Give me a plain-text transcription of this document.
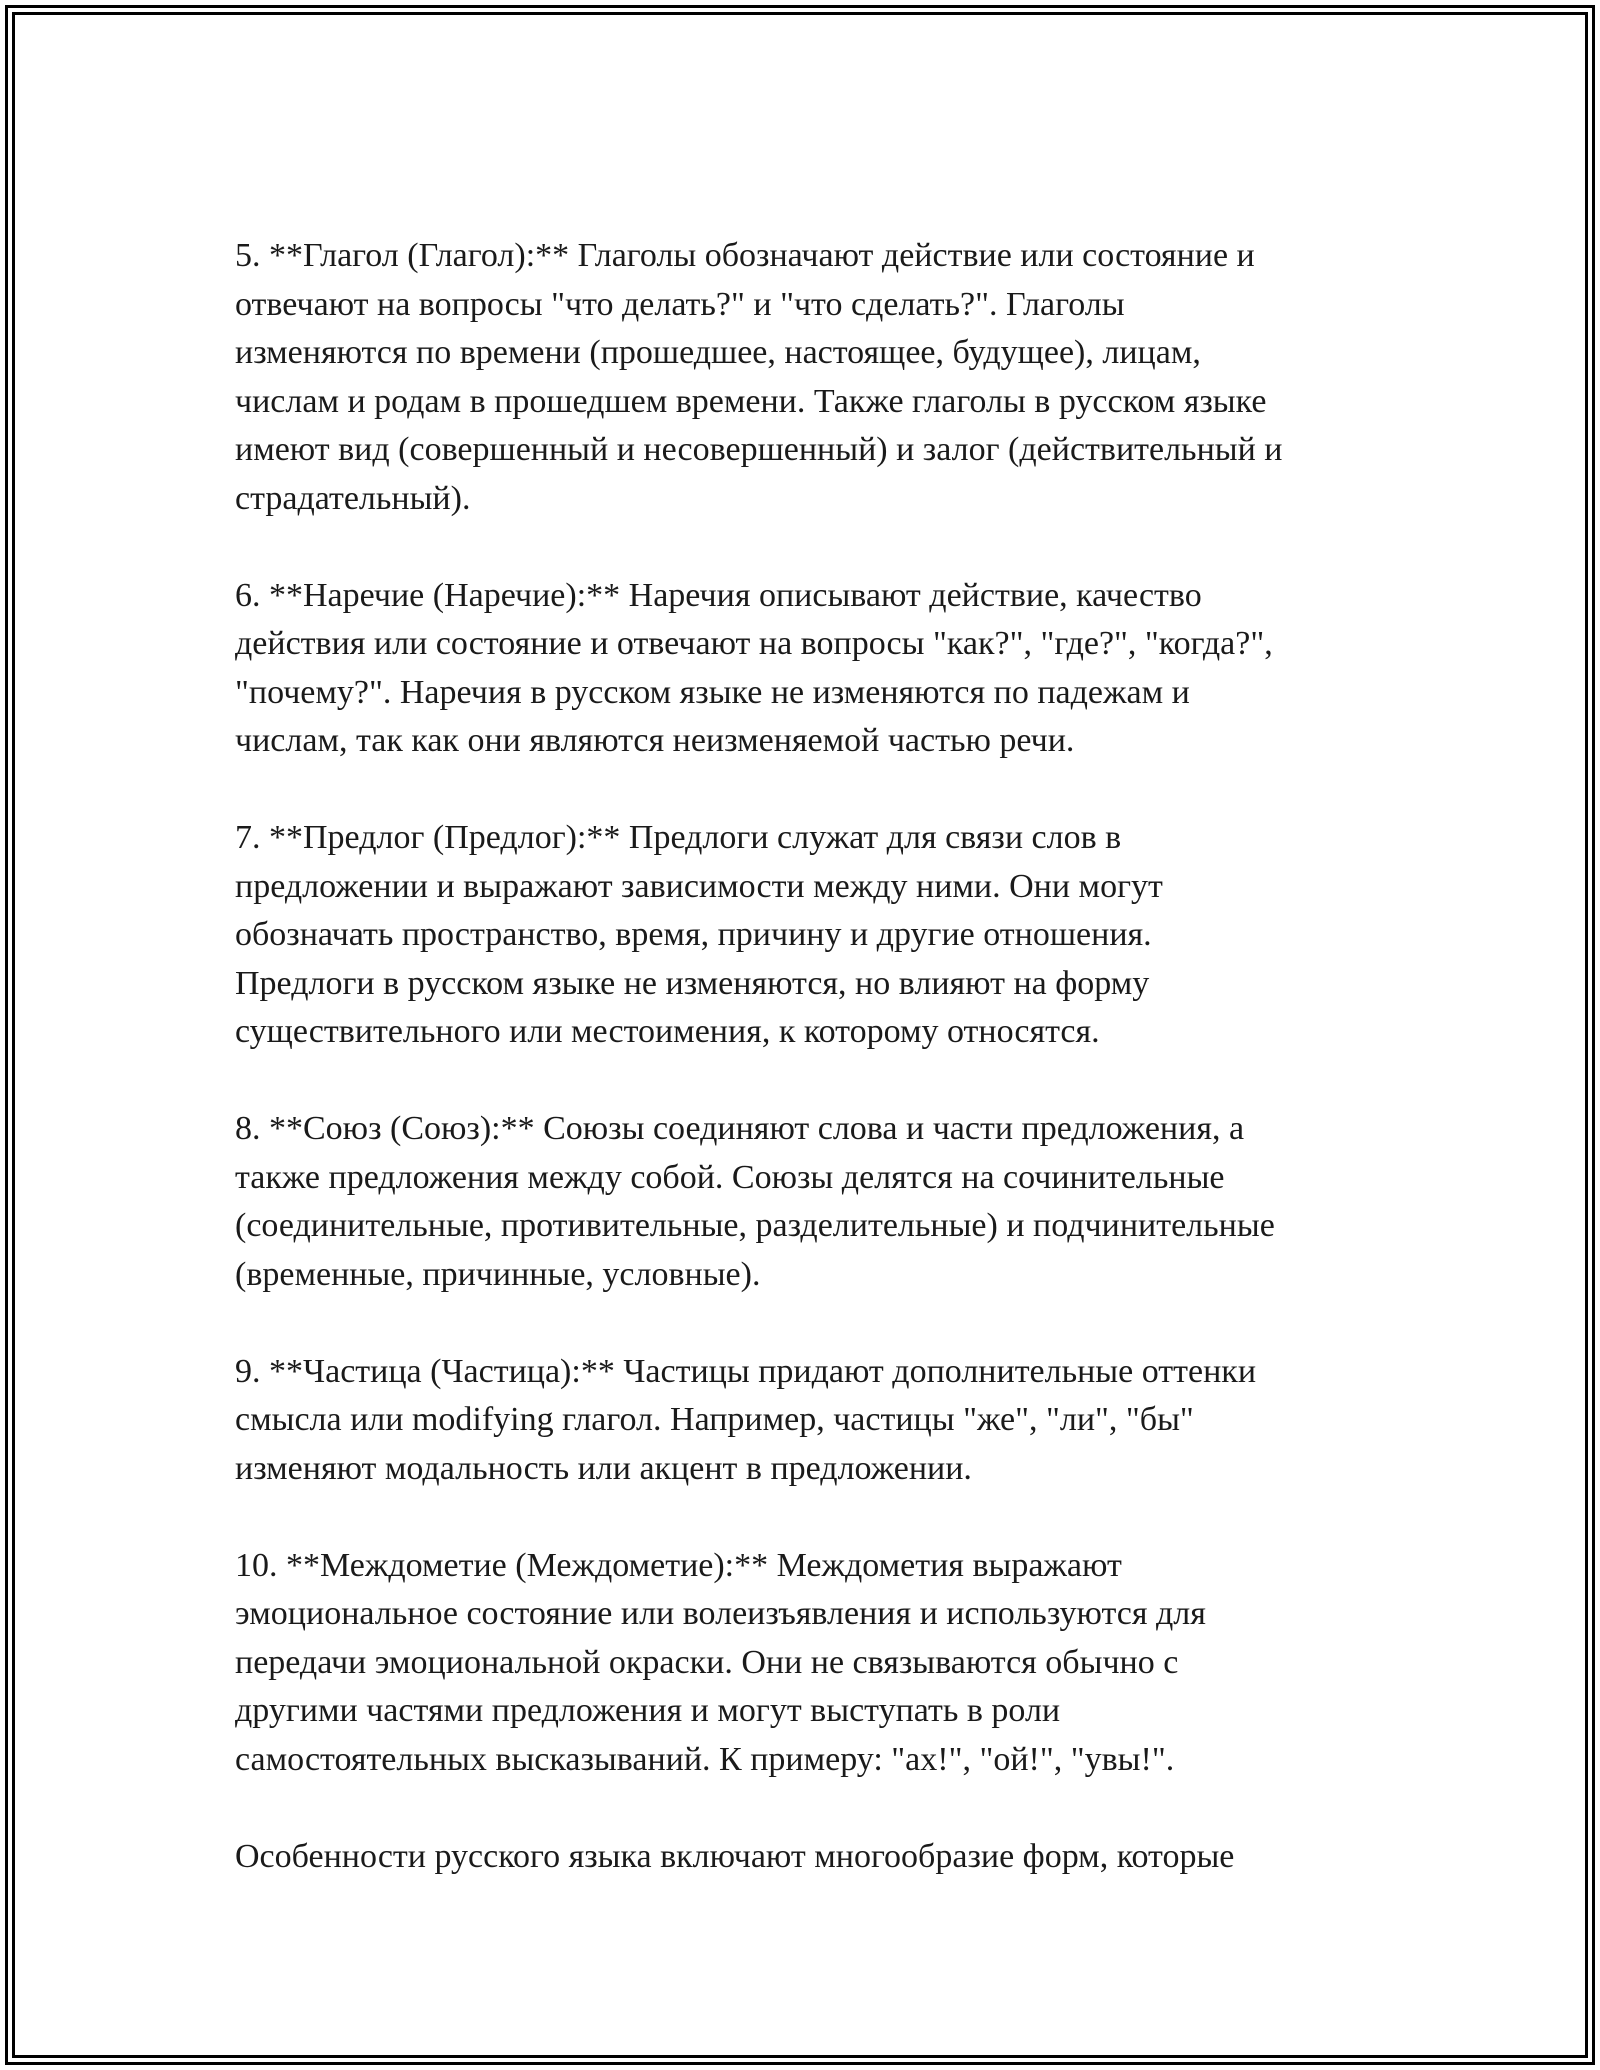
5. **Глагол (Глагол):** Глаголы обозначают действие или состояние и
отвечают на вопросы "что делать?" и "что сделать?". Глаголы
изменяются по времени (прошедшее, настоящее, будущее), лицам,
числам и родам в прошедшем времени. Также глаголы в русском языке
имеют вид (совершенный и несовершенный) и залог (действительный и
страдательный).

6. **Наречие (Наречие):** Наречия описывают действие, качество
действия или состояние и отвечают на вопросы "как?", "где?", "когда?",
"почему?". Наречия в русском языке не изменяются по падежам и
числам, так как они являются неизменяемой частью речи.

7. **Предлог (Предлог):** Предлоги служат для связи слов в
предложении и выражают зависимости между ними. Они могут
обозначать пространство, время, причину и другие отношения.
Предлоги в русском языке не изменяются, но влияют на форму
существительного или местоимения, к которому относятся.

8. **Союз (Союз):** Союзы соединяют слова и части предложения, а
также предложения между собой. Союзы делятся на сочинительные
(соединительные, противительные, разделительные) и подчинительные
(временные, причинные, условные).

9. **Частица (Частица):** Частицы придают дополнительные оттенки
смысла или modifying глагол. Например, частицы "же", "ли", "бы"
изменяют модальность или акцент в предложении.

10. **Междометие (Междометие):** Междометия выражают
эмоциональное состояние или волеизъявления и используются для
передачи эмоциональной окраски. Они не связываются обычно с
другими частями предложения и могут выступать в роли
самостоятельных высказываний. К примеру: "ах!", "ой!", "увы!".

Особенности русского языка включают многообразие форм, которые
